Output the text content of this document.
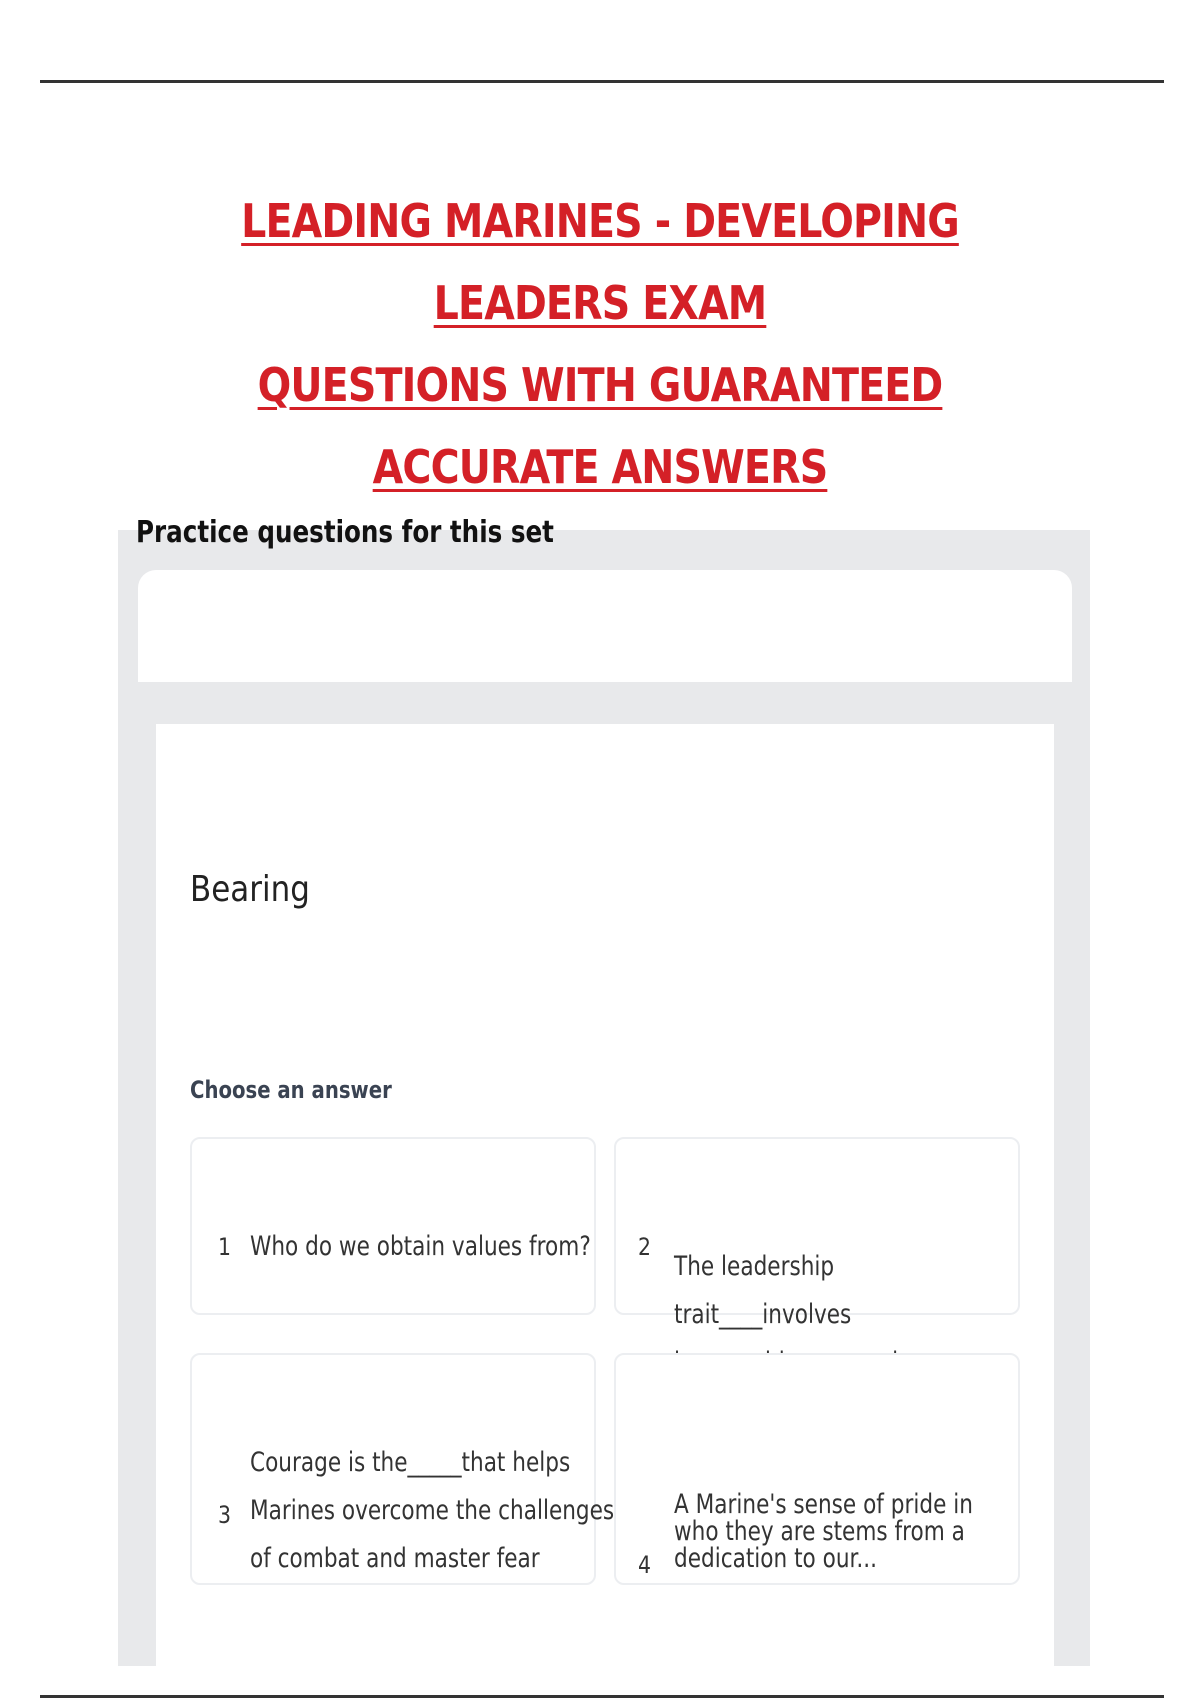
LEADING MARINES - DEVELOPING LEADERS EXAM
QUESTIONS WITH GUARANTEED ACCURATE ANSWERS

Bearing

Choose an answer

1 Who do we obtain values from?	2
The leadership trait____involves
3
Courage is the_____that helps Marines overcome the challenges of combat and master fear	4
A Marine's sense of pride in who they are stems from a dedication to our...
Practice questions for this set
